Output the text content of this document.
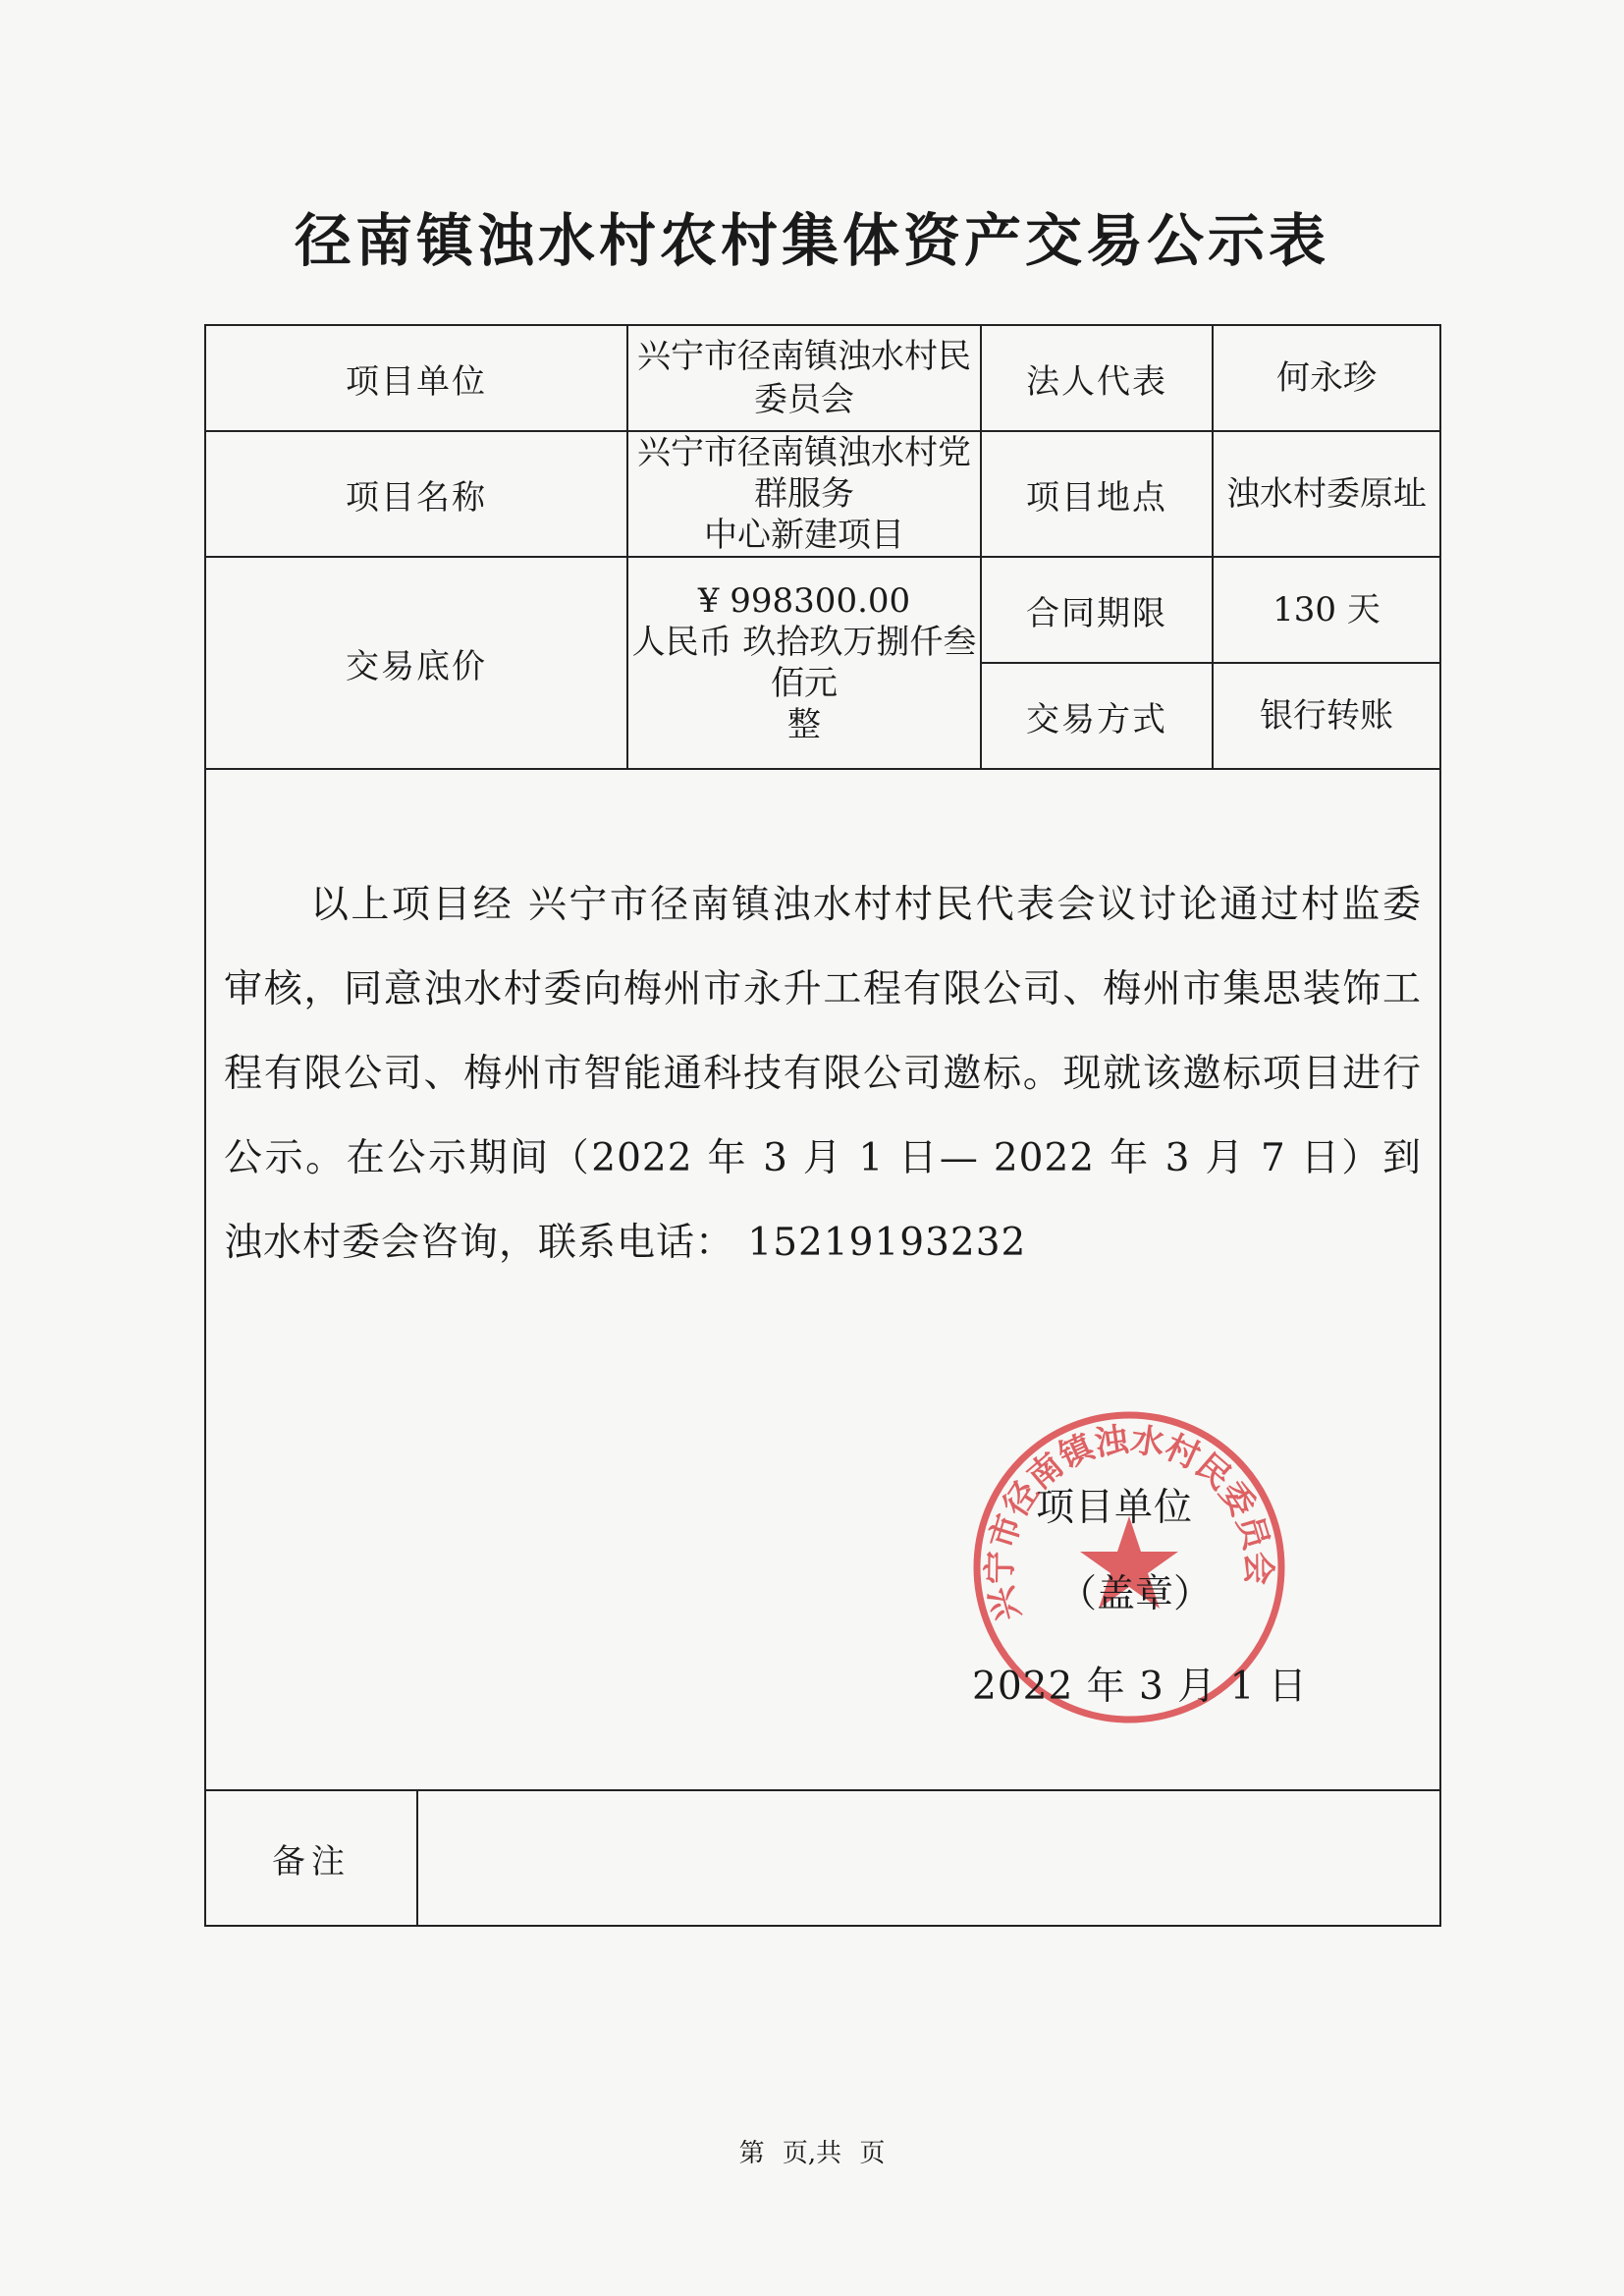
径南镇浊水村农村集体资产交易公示表
项目单位		兴宁市径南镇浊水村民委员会	法人代表	何永珍
项目名称		兴宁市径南镇浊水村党群服务
中心新建项目	项目地点	浊水村委原址
交易底价		¥ 998300.00
人民币 玖拾玖万捌仟叁佰元
整	合同期限	130 天
			交易方式	银行转账

以上项目经 兴宁市径南镇浊水村村民代表会议讨论通过村监委审核，同意浊水村委向梅州市永升工程有限公司、梅州市集思装饰工程有限公司、梅州市智能通科技有限公司邀标。现就该邀标项目进行公示。在公示期间（2022 年 3 月 1 日— 2022 年 3 月 7 日）到 浊水村委会咨询，联系电话： 15219193232
兴宁市径南镇浊水村民委员会
项目单位
（盖章）
2022 年 3 月 1 日				

备注				
第 页,共 页
